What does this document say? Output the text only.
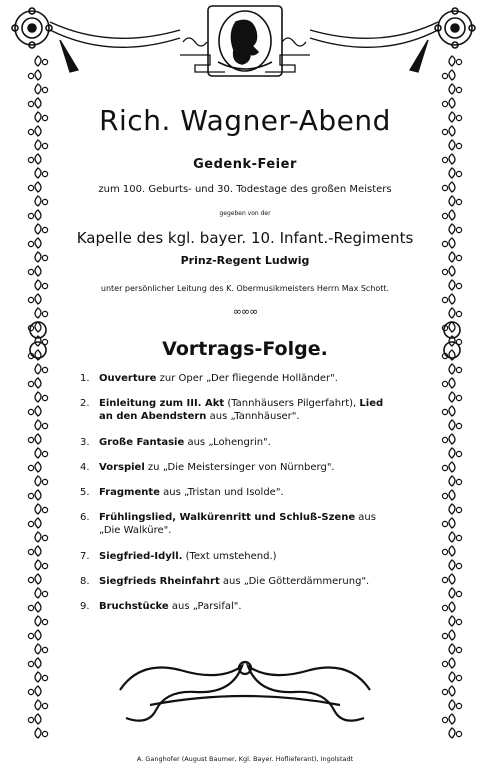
Rich. Wagner-Abend
Gedenk-Feier
zum 100. Geburts- und 30. Todestage des großen Meisters
gegeben von der
Kapelle des kgl. bayer. 10. Infant.-Regiments
Prinz-Regent Ludwig
unter persönlicher Leitung des K. Obermusikmeisters Herrn Max Schott.
∞∞∞
Vortrags-Folge.
1. Ouverture zur Oper „Der fliegende Holländer".
2. Einleitung zum III. Akt (Tannhäusers Pilgerfahrt), Lied
an den Abendstern aus „Tannhäuser".
3. Große Fantasie aus „Lohengrin".
4. Vorspiel zu „Die Meistersinger von Nürnberg".
5. Fragmente aus „Tristan und Isolde".
6. Frühlingslied, Walkürenritt und Schluß-Szene aus
„Die Walküre".
7. Siegfried-Idyll. (Text umstehend.)
8. Siegfrieds Rheinfahrt aus „Die Götterdämmerung".
9. Bruchstücke aus „Parsifal".
A. Ganghofer (August Baumer, Kgl. Bayer. Hoflieferant), Ingolstadt
